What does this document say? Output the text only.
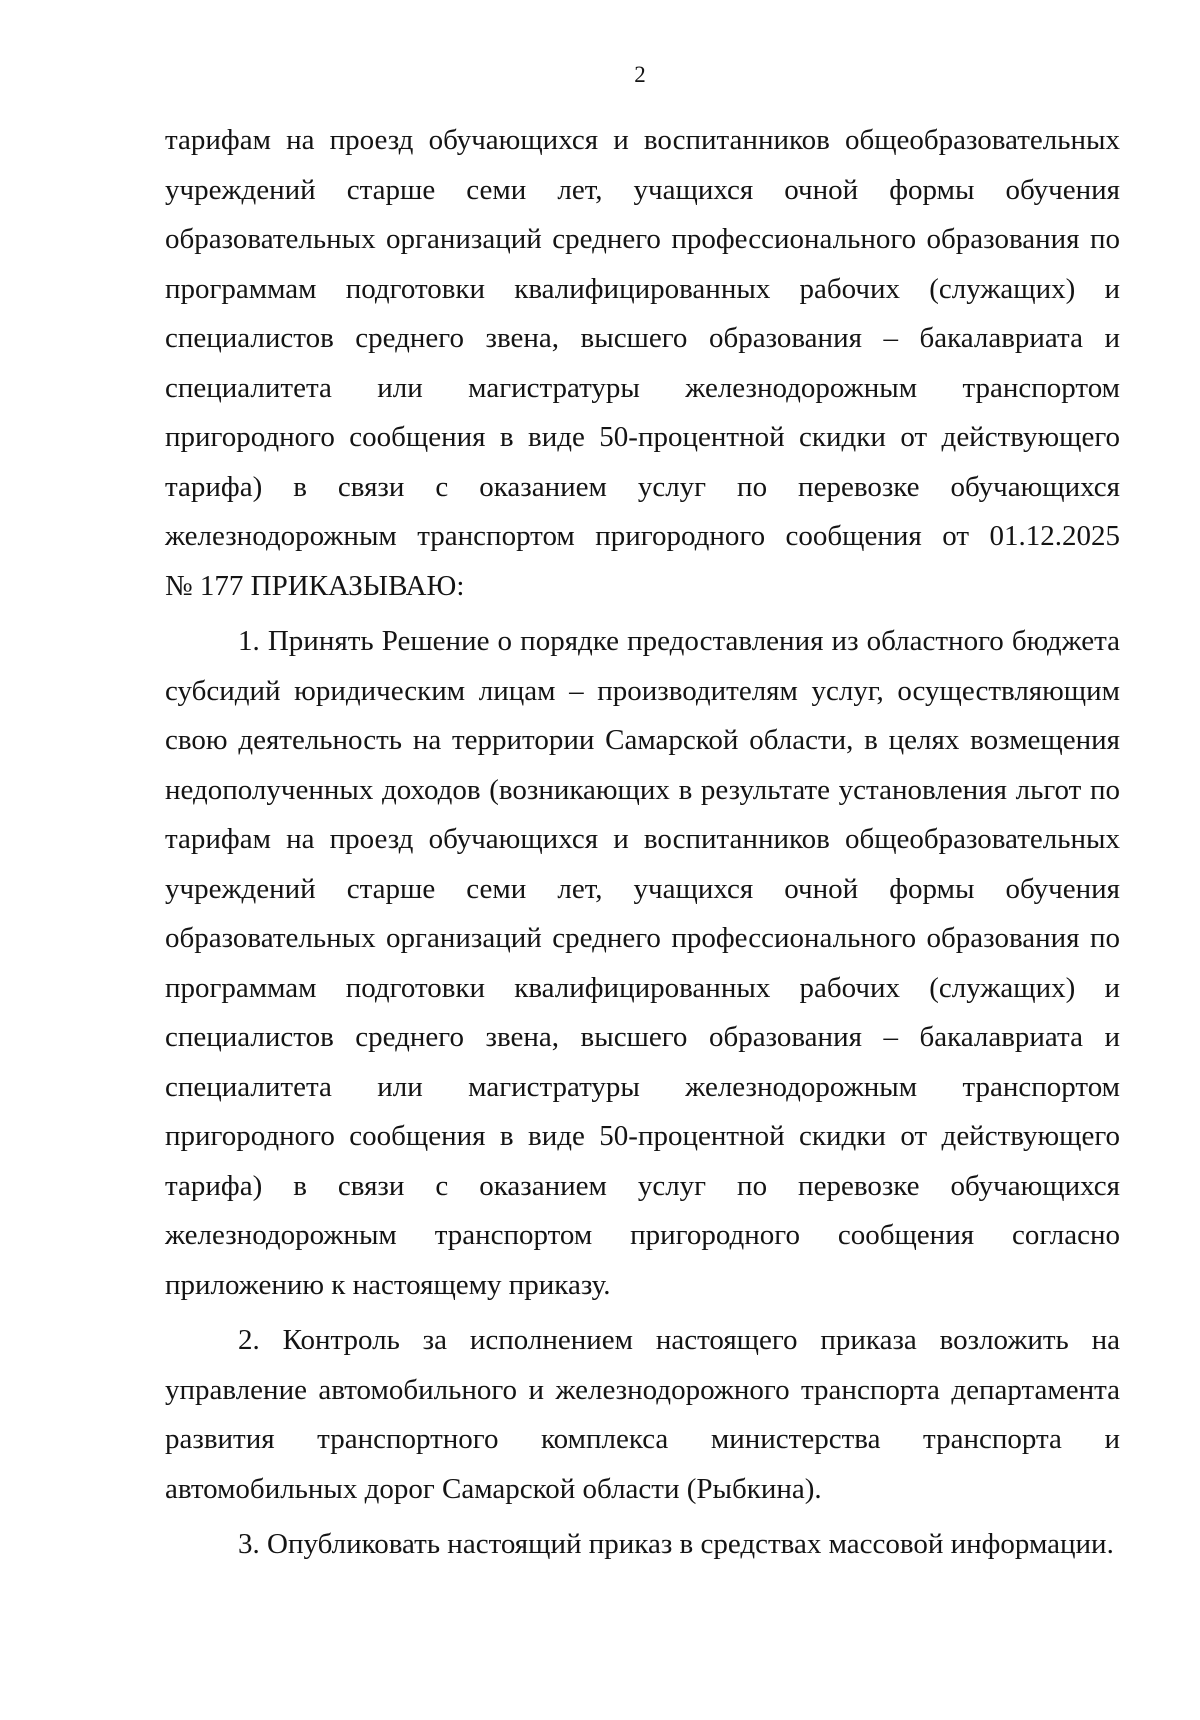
2

тарифам на проезд обучающихся и воспитанников общеобразовательных учреждений старше семи лет, учащихся очной формы обучения образовательных организаций среднего профессионального образования по программам подготовки квалифицированных рабочих (служащих) и специалистов среднего звена, высшего образования – бакалавриата и специалитета или магистратуры железнодорожным транспортом пригородного сообщения в виде 50-процентной скидки от действующего тарифа) в связи с оказанием услуг по перевозке обучающихся железнодорожным транспортом пригородного сообщения от 01.12.2025

№ 177 ПРИКАЗЫВАЮ:

1. Принять Решение о порядке предоставления из областного бюджета субсидий юридическим лицам – производителям услуг, осуществляющим свою деятельность на территории Самарской области, в целях возмещения недополученных доходов (возникающих в результате установления льгот по тарифам на проезд обучающихся и воспитанников общеобразовательных учреждений старше семи лет, учащихся очной формы обучения образовательных организаций среднего профессионального образования по программам подготовки квалифицированных рабочих (служащих) и специалистов среднего звена, высшего образования – бакалавриата и специалитета или магистратуры железнодорожным транспортом пригородного сообщения в виде 50-процентной скидки от действующего тарифа) в связи с оказанием услуг по перевозке обучающихся железнодорожным транспортом пригородного сообщения согласно приложению к настоящему приказу.

2. Контроль за исполнением настоящего приказа возложить на управление автомобильного и железнодорожного транспорта департамента развития транспортного комплекса министерства транспорта и автомобильных дорог Самарской области (Рыбкина).

3. Опубликовать настоящий приказ в средствах массовой информации.
